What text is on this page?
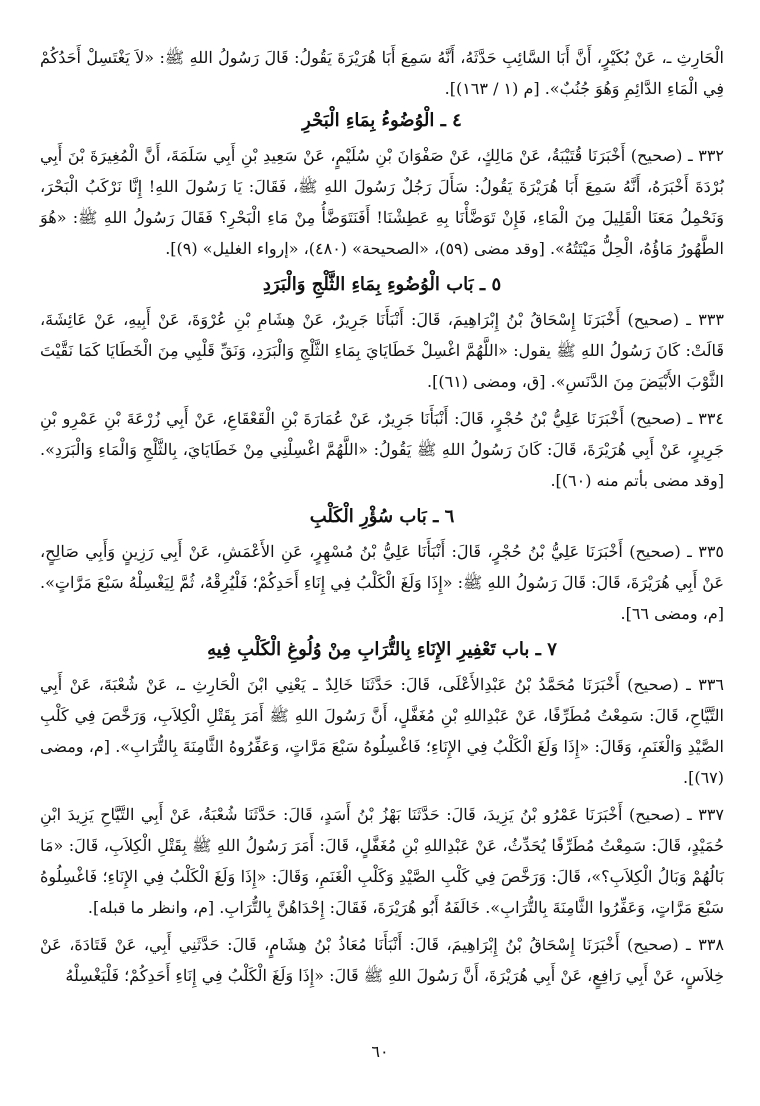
الْحَارِثِ ـ، عَنْ بُكَيْرٍ، أَنَّ أَبَا السَّائِبِ حَدَّثَهُ، أَنَّهُ سَمِعَ أَبَا هُرَيْرَةَ يَقُولُ: قَالَ رَسُولُ اللهِ ﷺ: «لاَ يَغْتَسِلْ أَحَدُكُمْ فِي الْمَاءِ الدَّائِمِ وَهُوَ جُنُبٌ». [م (١ / ١٦٣)].

٤ ـ الْوُضُوءُ بِمَاءِ الْبَحْرِ

٣٣٢ ـ (صحيح) أَخْبَرَنَا قُتَيْبَةُ، عَنْ مَالِكٍ، عَنْ صَفْوَانَ بْنِ سُلَيْمٍ، عَنْ سَعِيدِ بْنِ أَبِي سَلَمَةَ، أَنَّ الْمُغِيرَةَ بْنَ أَبِي بُرْدَةَ أَخْبَرَهُ، أَنَّهُ سَمِعَ أَبَا هُرَيْرَةَ يَقُولُ: سَأَلَ رَجُلٌ رَسُولَ اللهِ ﷺ، فَقَالَ: يَا رَسُولَ اللهِ! إِنَّا نَرْكَبُ الْبَحْرَ، وَنَحْمِلُ مَعَنَا الْقَلِيلَ مِنَ الْمَاءِ، فَإِنْ تَوَضَّأْنَا بِهِ عَطِشْنَا! أَفَنَتَوَضَّأُ مِنْ مَاءِ الْبَحْرِ؟ فَقَالَ رَسُولُ اللهِ ﷺ: «هُوَ الطَّهُورُ مَاؤُهُ، الْحِلُّ مَيْتَتُهُ». [وقد مضى (٥٩)، «الصحيحة» (٤٨٠)، «إرواء الغليل» (٩)].

٥ ـ بَاب الْوُضُوءِ بِمَاءِ الثَّلْجِ وَالْبَرَدِ

٣٣٣ ـ (صحيح) أَخْبَرَنَا إِسْحَاقُ بْنُ إِبْرَاهِيمَ، قَالَ: أَنْبَأَنَا جَرِيرٌ، عَنْ هِشَامِ بْنِ عُرْوَةَ، عَنْ أَبِيهِ، عَنْ عَائِشَةَ، قَالَتْ: كَانَ رَسُولُ اللهِ ﷺ يقول: «اللَّهُمَّ اغْسِلْ خَطَايَايَ بِمَاءِ الثَّلْجِ وَالْبَرَدِ، وَنَقِّ قَلْبِي مِنَ الْخَطَايَا كَمَا نَقَّيْتَ الثَّوْبَ الأَبْيَضَ مِنَ الدَّنَسِ». [ق، ومضى (٦١)].

٣٣٤ ـ (صحيح) أَخْبَرَنَا عَلِيُّ بْنُ حُجْرٍ، قَالَ: أَنْبَأَنَا جَرِيرٌ، عَنْ عُمَارَةَ بْنِ الْقَعْقَاعِ، عَنْ أَبِي زُرْعَةَ بْنِ عَمْرِو بْنِ جَرِيرٍ، عَنْ أَبِي هُرَيْرَةَ، قَالَ: كَانَ رَسُولُ اللهِ ﷺ يَقُولُ: «اللَّهُمَّ اغْسِلْنِي مِنْ خَطَايَايَ، بِالثَّلْجِ وَالْمَاءِ وَالْبَرَدِ». [وقد مضى بأتم منه (٦٠)].

٦ ـ بَاب سُؤْرِ الْكَلْبِ

٣٣٥ ـ (صحيح) أَخْبَرَنَا عَلِيُّ بْنُ حُجْرٍ، قَالَ: أَنْبَأَنَا عَلِيُّ بْنُ مُسْهِرٍ، عَنِ الأَعْمَشِ، عَنْ أَبِي رَزِينٍ وَأَبِي صَالِحٍ، عَنْ أَبِي هُرَيْرَةَ، قَالَ: قَالَ رَسُولُ اللهِ ﷺ: «إِذَا وَلَغَ الْكَلْبُ فِي إِنَاءِ أَحَدِكُمْ؛ فَلْيُرِقْهُ، ثُمَّ لِيَغْسِلْهُ سَبْعَ مَرَّاتٍ». [م، ومضى ٦٦].

٧ ـ باب تَعْفِيرِ الإِنَاءِ بِالتُّرَابِ مِنْ وُلُوغِ الْكَلْبِ فِيهِ

٣٣٦ ـ (صحيح) أَخْبَرَنَا مُحَمَّدُ بْنُ عَبْدِالأَعْلَى، قَالَ: حَدَّثَنَا خَالِدٌ ـ يَعْنِي ابْنَ الْحَارِثِ ـ، عَنْ شُعْبَةَ، عَنْ أَبِي التَّيَّاحِ، قَالَ: سَمِعْتُ مُطَرِّفًا، عَنْ عَبْدِاللهِ بْنِ مُغَفَّلٍ، أَنَّ رَسُولَ اللهِ ﷺ أَمَرَ بِقَتْلِ الْكِلاَبِ، وَرَخَّصَ فِي كَلْبِ الصَّيْدِ وَالْغَنَمِ، وَقَالَ: «إِذَا وَلَغَ الْكَلْبُ فِي الإِنَاءِ؛ فَاغْسِلُوهُ سَبْعَ مَرَّاتٍ، وَعَفِّرُوهُ الثَّامِنَةَ بِالتُّرَابِ». [م، ومضى (٦٧)].

٣٣٧ ـ (صحيح) أَخْبَرَنَا عَمْرُو بْنُ يَزِيدَ، قَالَ: حَدَّثَنَا بَهْزُ بْنُ أَسَدٍ، قَالَ: حَدَّثَنَا شُعْبَةُ، عَنْ أَبِي التَّيَّاحِ يَزِيدَ ابْنِ حُمَيْدٍ، قَالَ: سَمِعْتُ مُطَرِّفًا يُحَدِّثُ، عَنْ عَبْدِاللهِ بْنِ مُغَفَّلٍ، قَالَ: أَمَرَ رَسُولُ اللهِ ﷺ بِقَتْلِ الْكِلاَبِ، قَالَ: «مَا بَالُهُمْ وَبَالُ الْكِلاَبِ؟»، قَالَ: وَرَخَّصَ فِي كَلْبِ الصَّيْدِ وَكَلْبِ الْغَنَمِ، وَقَالَ: «إِذَا وَلَغَ الْكَلْبُ فِي الإِنَاءِ؛ فَاغْسِلُوهُ سَبْعَ مَرَّاتٍ، وَعَفِّرُوا الثَّامِنَةَ بِالتُّرَابِ». خَالَفَهُ أَبُو هُرَيْرَةَ، فَقَالَ: إِحْدَاهُنَّ بِالتُّرَابِ. [م، وانظر ما قبله].

٣٣٨ ـ (صحيح) أَخْبَرَنَا إِسْحَاقُ بْنُ إِبْرَاهِيمَ، قَالَ: أَنْبَأَنَا مُعَاذُ بْنُ هِشَامٍ، قَالَ: حَدَّثَنِي أَبِي، عَنْ قَتَادَةَ، عَنْ خِلاَسٍ، عَنْ أَبِي رَافِعٍ، عَنْ أَبِي هُرَيْرَةَ، أَنَّ رَسُولَ اللهِ ﷺ قَالَ: «إِذَا وَلَغَ الْكَلْبُ فِي إِنَاءِ أَحَدِكُمْ؛ فَلْيَغْسِلْهُ

٦٠
